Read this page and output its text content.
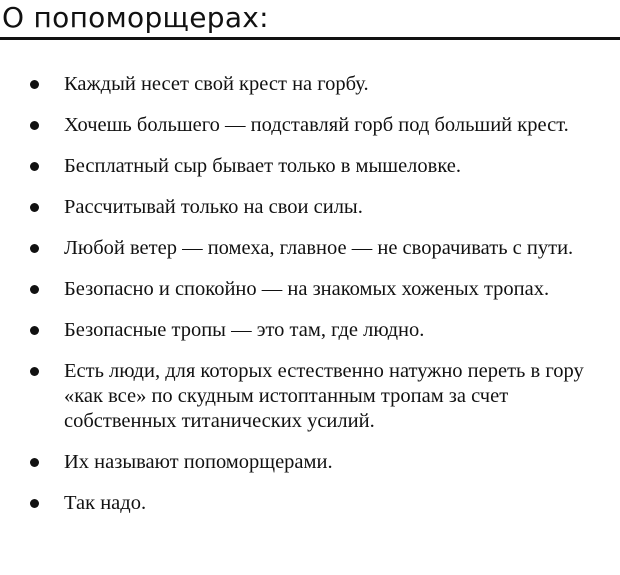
О попоморщерах:
Каждый несет свой крест на горбу.
Хочешь большего — подставляй горб под больший крест.
Бесплатный сыр бывает только в мышеловке.
Рассчитывай только на свои силы.
Любой ветер — помеха, главное — не сворачивать с пути.
Безопасно и спокойно — на знакомых хоженых тропах.
Безопасные тропы — это там, где людно.
Есть люди, для которых естественно натужно переть в гору «как все» по скудным истоптанным тропам за счет собственных титанических усилий.
Их называют попоморщерами.
Так надо.
